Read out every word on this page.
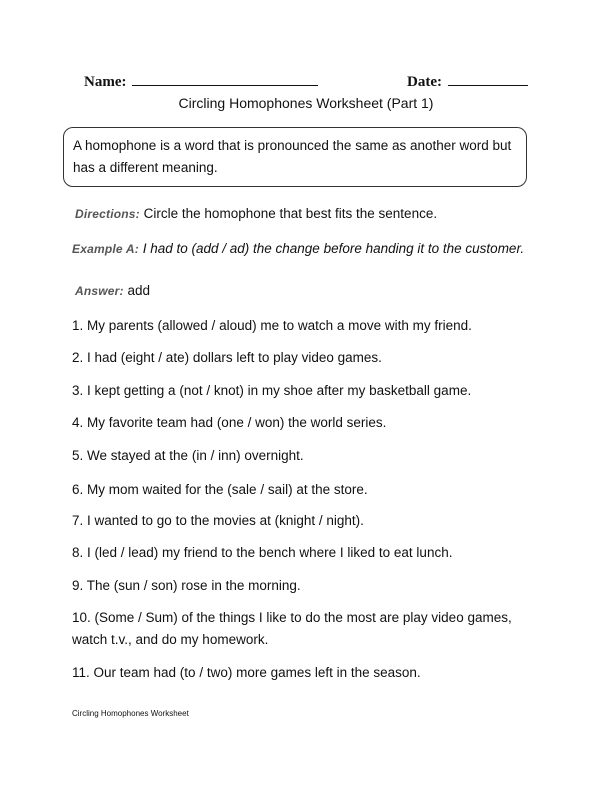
Name:	Date:
Circling Homophones Worksheet (Part 1)
A homophone is a word that is pronounced the same as another word but has a different meaning.
Directions: Circle the homophone that best fits the sentence.
Example A: I had to (add / ad) the change before handing it to the customer.
Answer: add
1. My parents (allowed / aloud) me to watch a move with my friend.
2. I had (eight / ate) dollars left to play video games.
3. I kept getting a (not / knot) in my shoe after my basketball game.
4. My favorite team had (one / won) the world series.
5. We stayed at the (in / inn) overnight.
6. My mom waited for the (sale / sail) at the store.
7. I wanted to go to the movies at (knight / night).
8. I (led / lead) my friend to the bench where I liked to eat lunch.
9. The (sun / son) rose in the morning.
10. (Some / Sum) of the things I like to do the most are play video games, watch t.v., and do my homework.
11. Our team had (to / two) more games left in the season.
Circling Homophones Worksheet
